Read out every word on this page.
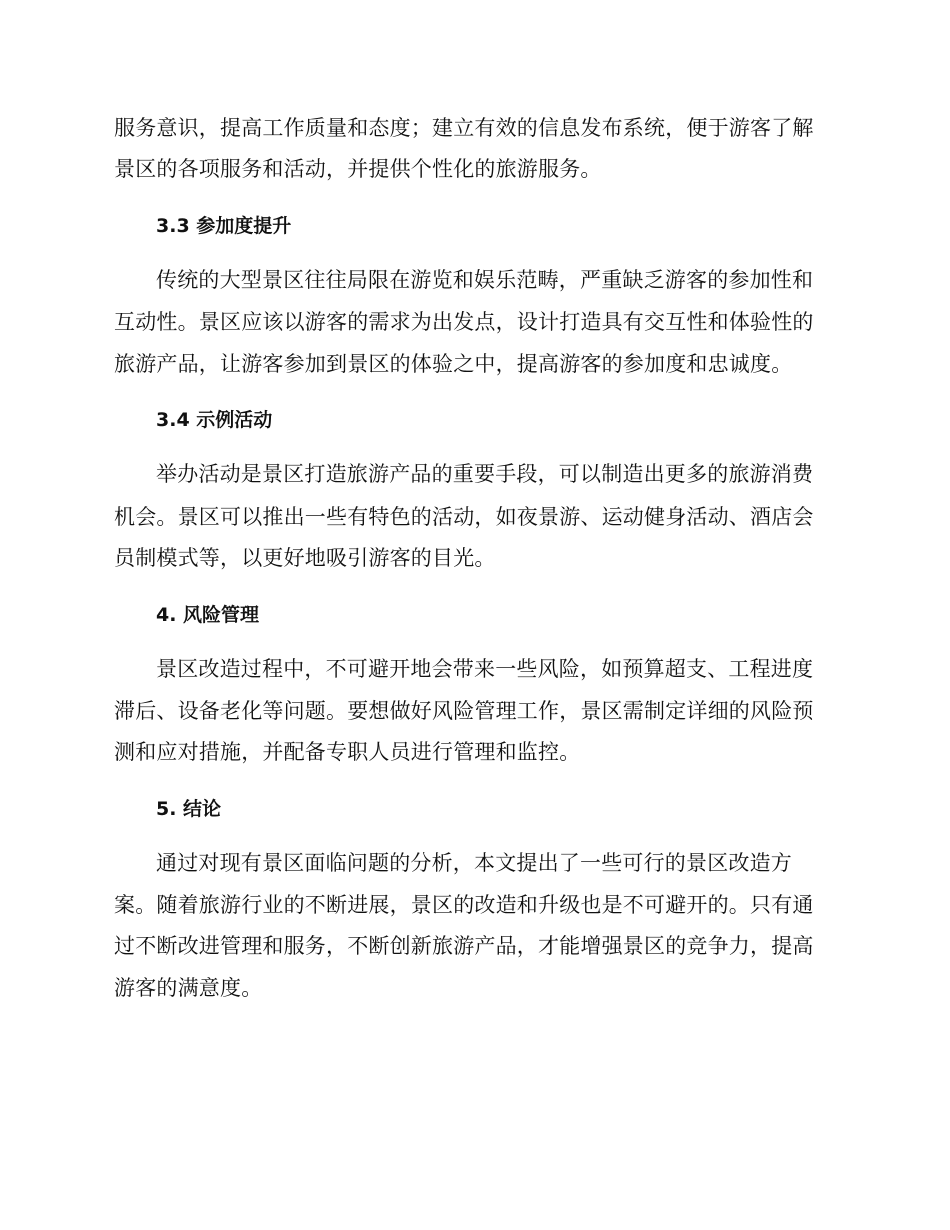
服务意识，提高工作质量和态度；建立有效的信息发布系统，便于游客了解
景区的各项服务和活动，并提供个性化的旅游服务。
3.3 参加度提升
传统的大型景区往往局限在游览和娱乐范畴，严重缺乏游客的参加性和
互动性。景区应该以游客的需求为出发点，设计打造具有交互性和体验性的
旅游产品，让游客参加到景区的体验之中，提高游客的参加度和忠诚度。
3.4 示例活动
举办活动是景区打造旅游产品的重要手段，可以制造出更多的旅游消费
机会。景区可以推出一些有特色的活动，如夜景游、运动健身活动、酒店会
员制模式等，以更好地吸引游客的目光。
4. 风险管理
景区改造过程中，不可避开地会带来一些风险，如预算超支、工程进度
滞后、设备老化等问题。要想做好风险管理工作，景区需制定详细的风险预
测和应对措施，并配备专职人员进行管理和监控。
5. 结论
通过对现有景区面临问题的分析，本文提出了一些可行的景区改造方
案。随着旅游行业的不断进展，景区的改造和升级也是不可避开的。只有通
过不断改进管理和服务，不断创新旅游产品，才能增强景区的竞争力，提高
游客的满意度。
